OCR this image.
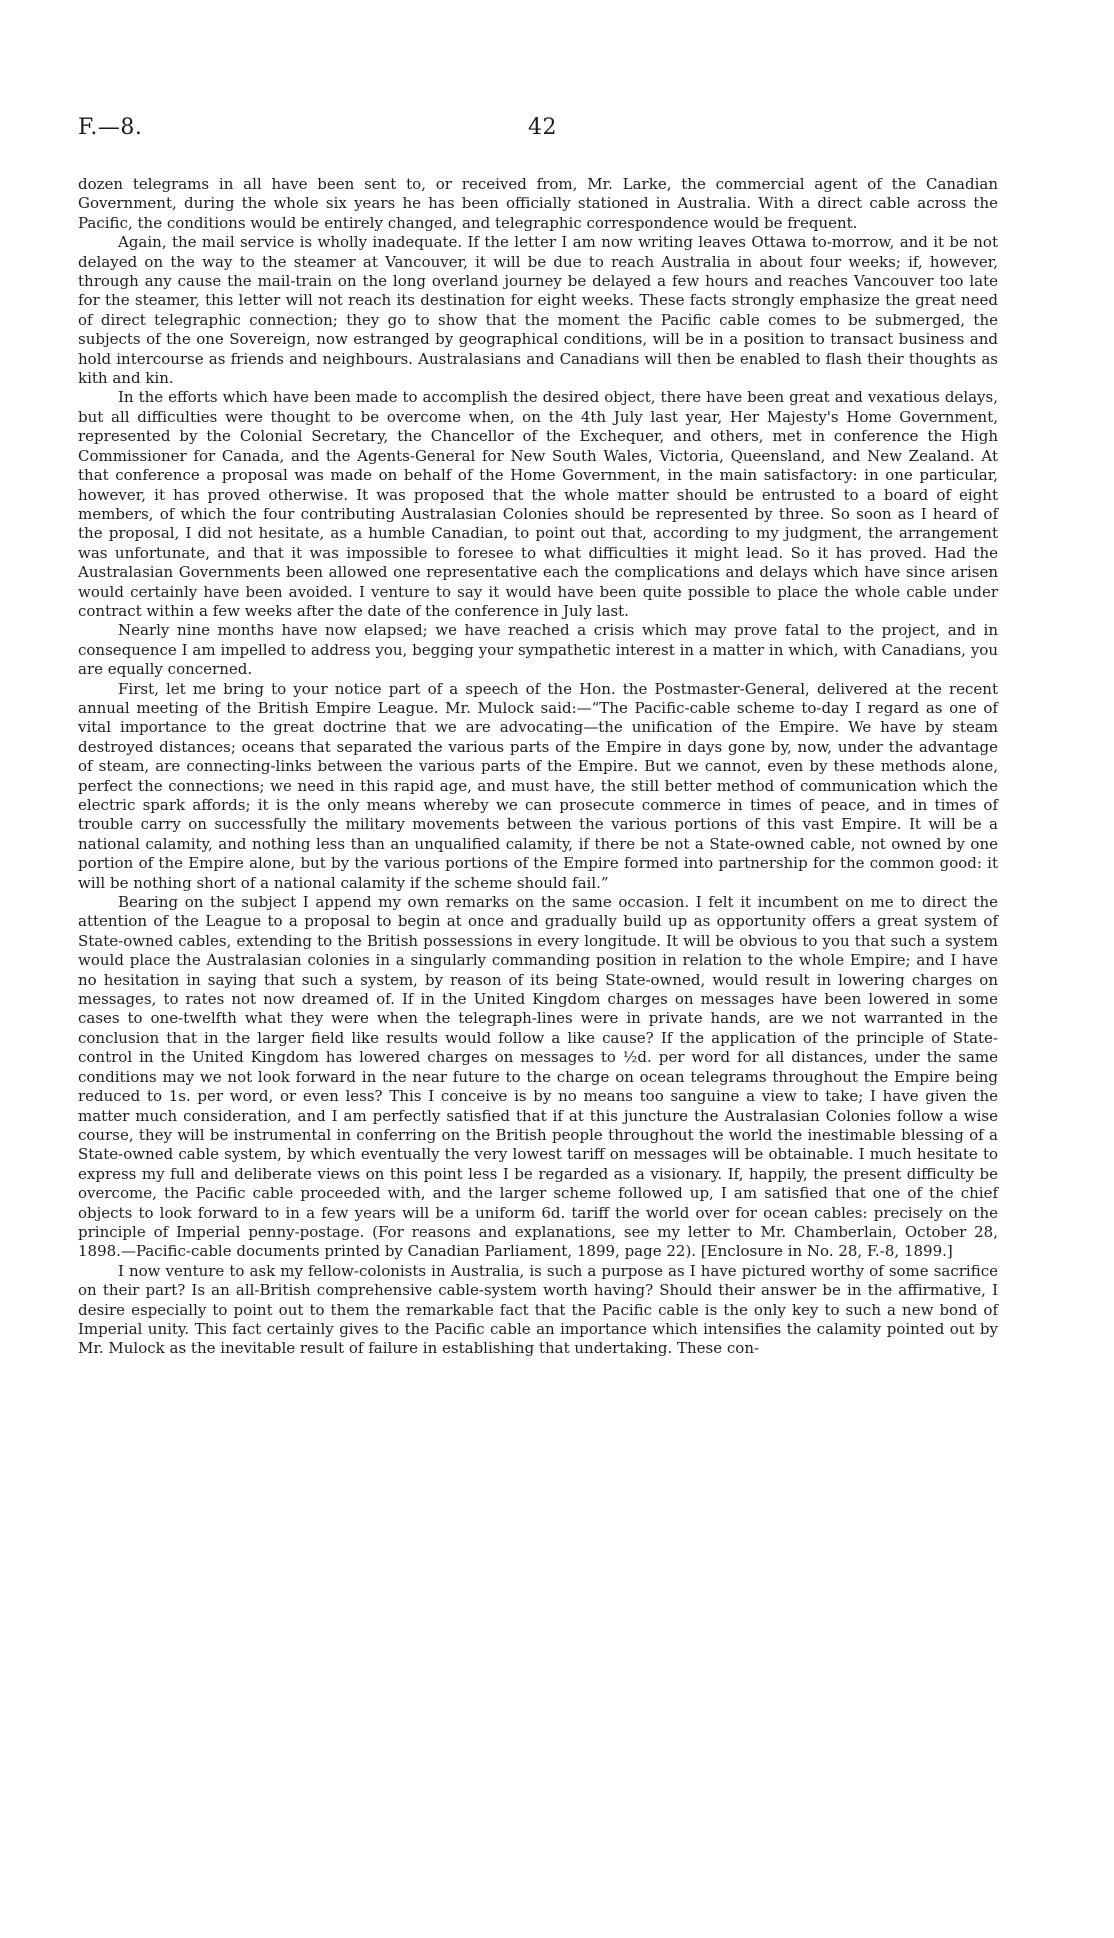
F.—8.	42

dozen telegrams in all have been sent to, or received from, Mr. Larke, the commercial agent of the Canadian Government, during the whole six years he has been officially stationed in Australia. With a direct cable across the Pacific, the conditions would be entirely changed, and telegraphic correspondence would be frequent.

Again, the mail service is wholly inadequate. If the letter I am now writing leaves Ottawa to-morrow, and it be not delayed on the way to the steamer at Vancouver, it will be due to reach Australia in about four weeks; if, however, through any cause the mail-train on the long overland journey be delayed a few hours and reaches Vancouver too late for the steamer, this letter will not reach its destination for eight weeks. These facts strongly emphasize the great need of direct telegraphic connection; they go to show that the moment the Pacific cable comes to be submerged, the subjects of the one Sovereign, now estranged by geographical conditions, will be in a position to transact business and hold intercourse as friends and neighbours. Australasians and Canadians will then be enabled to flash their thoughts as kith and kin.

In the efforts which have been made to accomplish the desired object, there have been great and vexatious delays, but all difficulties were thought to be overcome when, on the 4th July last year, Her Majesty's Home Government, represented by the Colonial Secretary, the Chancellor of the Exchequer, and others, met in conference the High Commissioner for Canada, and the Agents-General for New South Wales, Victoria, Queensland, and New Zealand. At that conference a proposal was made on behalf of the Home Government, in the main satisfactory: in one particular, however, it has proved otherwise. It was proposed that the whole matter should be entrusted to a board of eight members, of which the four contributing Australasian Colonies should be represented by three. So soon as I heard of the proposal, I did not hesitate, as a humble Canadian, to point out that, according to my judgment, the arrangement was unfortunate, and that it was impossible to foresee to what difficulties it might lead. So it has proved. Had the Australasian Governments been allowed one representative each the complications and delays which have since arisen would certainly have been avoided. I venture to say it would have been quite possible to place the whole cable under contract within a few weeks after the date of the conference in July last.

Nearly nine months have now elapsed; we have reached a crisis which may prove fatal to the project, and in consequence I am impelled to address you, begging your sympathetic interest in a matter in which, with Canadians, you are equally concerned.

First, let me bring to your notice part of a speech of the Hon. the Postmaster-General, delivered at the recent annual meeting of the British Empire League. Mr. Mulock said:—“The Pacific-cable scheme to-day I regard as one of vital importance to the great doctrine that we are advocating—the unification of the Empire. We have by steam destroyed distances; oceans that separated the various parts of the Empire in days gone by, now, under the advantage of steam, are connecting-links between the various parts of the Empire. But we cannot, even by these methods alone, perfect the connections; we need in this rapid age, and must have, the still better method of communication which the electric spark affords; it is the only means whereby we can prosecute commerce in times of peace, and in times of trouble carry on successfully the military movements between the various portions of this vast Empire. It will be a national calamity, and nothing less than an unqualified calamity, if there be not a State-owned cable, not owned by one portion of the Empire alone, but by the various portions of the Empire formed into partnership for the common good: it will be nothing short of a national calamity if the scheme should fail.”

Bearing on the subject I append my own remarks on the same occasion. I felt it incumbent on me to direct the attention of the League to a proposal to begin at once and gradually build up as opportunity offers a great system of State-owned cables, extending to the British possessions in every longitude. It will be obvious to you that such a system would place the Australasian colonies in a singularly commanding position in relation to the whole Empire; and I have no hesitation in saying that such a system, by reason of its being State-owned, would result in lowering charges on messages, to rates not now dreamed of. If in the United Kingdom charges on messages have been lowered in some cases to one-twelfth what they were when the telegraph-lines were in private hands, are we not warranted in the conclusion that in the larger field like results would follow a like cause? If the application of the principle of State-control in the United Kingdom has lowered charges on messages to ½d. per word for all distances, under the same conditions may we not look forward in the near future to the charge on ocean telegrams throughout the Empire being reduced to 1s. per word, or even less? This I conceive is by no means too sanguine a view to take; I have given the matter much consideration, and I am perfectly satisfied that if at this juncture the Australasian Colonies follow a wise course, they will be instrumental in conferring on the British people throughout the world the inestimable blessing of a State-owned cable system, by which eventually the very lowest tariff on messages will be obtainable. I much hesitate to express my full and deliberate views on this point less I be regarded as a visionary. If, happily, the present difficulty be overcome, the Pacific cable proceeded with, and the larger scheme followed up, I am satisfied that one of the chief objects to look forward to in a few years will be a uniform 6d. tariff the world over for ocean cables: precisely on the principle of Imperial penny-postage. (For reasons and explanations, see my letter to Mr. Chamberlain, October 28, 1898.—Pacific-cable documents printed by Canadian Parliament, 1899, page 22). [Enclosure in No. 28, F.-8, 1899.]

I now venture to ask my fellow-colonists in Australia, is such a purpose as I have pictured worthy of some sacrifice on their part? Is an all-British comprehensive cable-system worth having? Should their answer be in the affirmative, I desire especially to point out to them the remarkable fact that the Pacific cable is the only key to such a new bond of Imperial unity. This fact certainly gives to the Pacific cable an importance which intensifies the calamity pointed out by Mr. Mulock as the inevitable result of failure in establishing that undertaking. These con-
